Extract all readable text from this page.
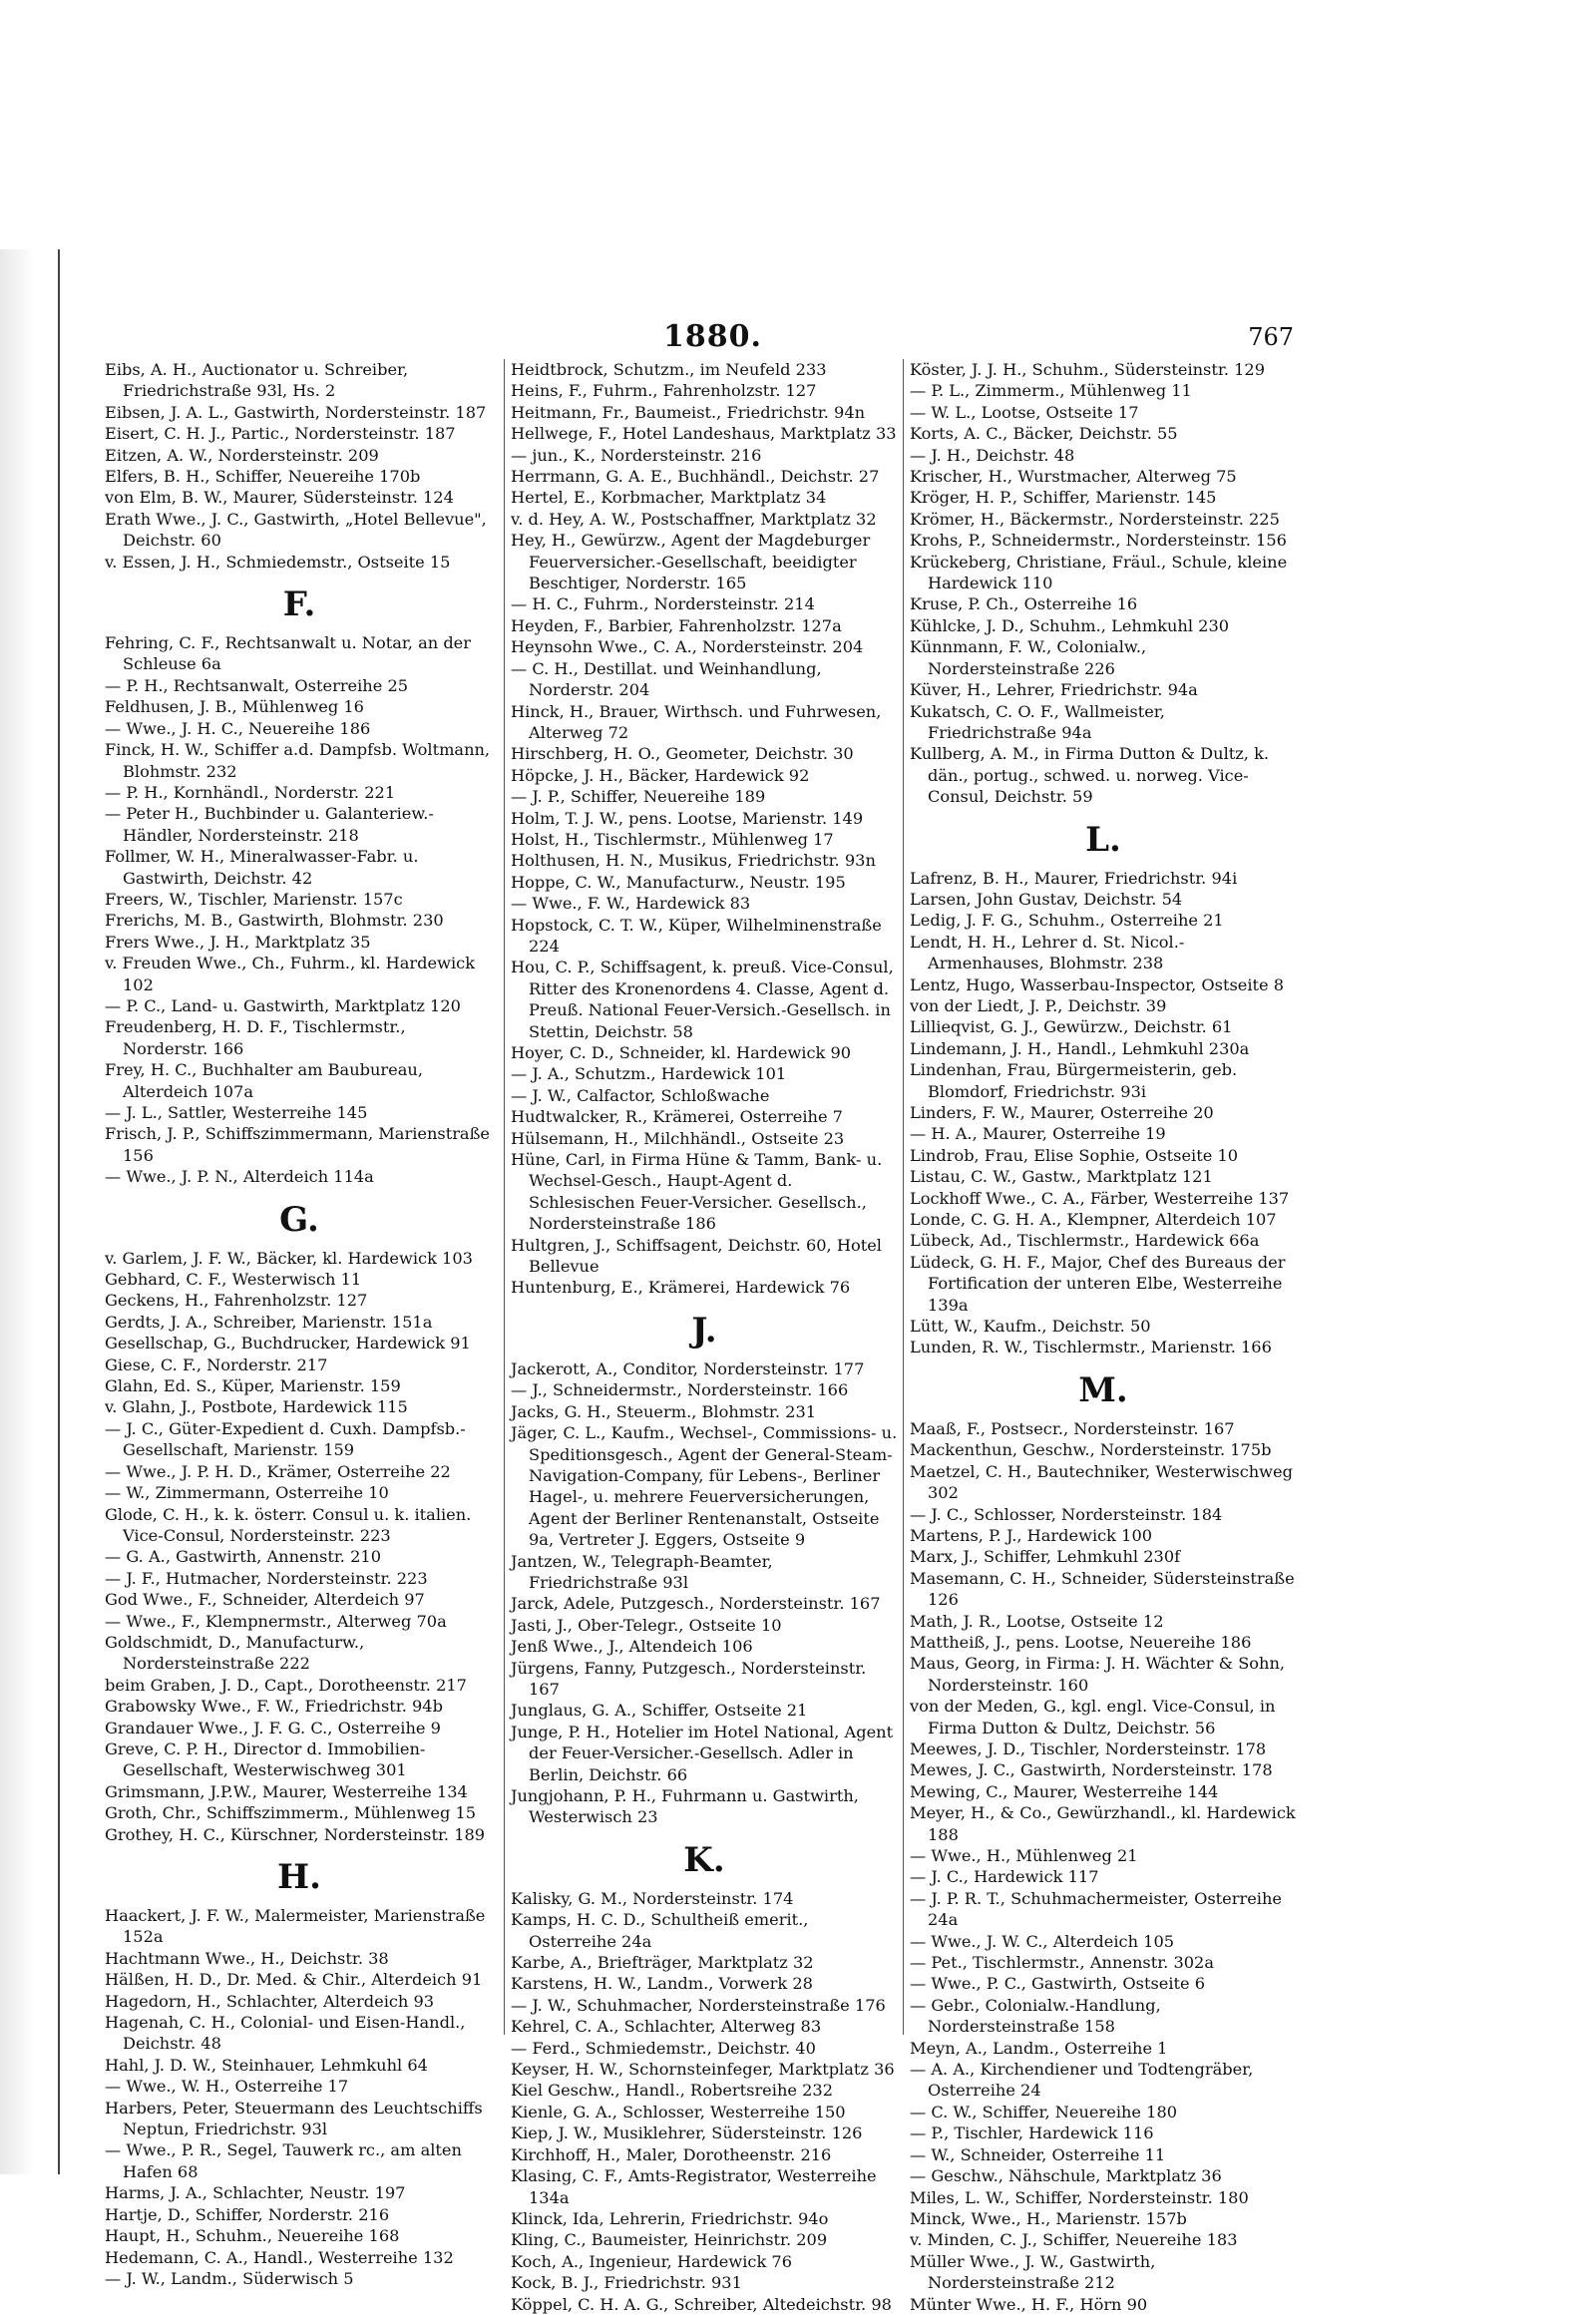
1880.	767

Eibs, A. H., Auctionator u. Schreiber, Friedrichstraße 93l, Hs. 2

Eibsen, J. A. L., Gastwirth, Nordersteinstr. 187

Eisert, C. H. J., Partic., Nordersteinstr. 187

Eitzen, A. W., Nordersteinstr. 209

Elfers, B. H., Schiffer, Neuereihe 170b

von Elm, B. W., Maurer, Südersteinstr. 124

Erath Wwe., J. C., Gastwirth, „Hotel Bellevue", Deichstr. 60

v. Essen, J. H., Schmiedemstr., Ostseite 15

F.

Fehring, C. F., Rechtsanwalt u. Notar, an der Schleuse 6a

— P. H., Rechtsanwalt, Osterreihe 25

Feldhusen, J. B., Mühlenweg 16

— Wwe., J. H. C., Neuereihe 186

Finck, H. W., Schiffer a.d. Dampfsb. Woltmann, Blohmstr. 232

— P. H., Kornhändl., Norderstr. 221

— Peter H., Buchbinder u. Galanteriew.-Händler, Nordersteinstr. 218

Follmer, W. H., Mineralwasser-Fabr. u. Gastwirth, Deichstr. 42

Freers, W., Tischler, Marienstr. 157c

Frerichs, M. B., Gastwirth, Blohmstr. 230

Frers Wwe., J. H., Marktplatz 35

v. Freuden Wwe., Ch., Fuhrm., kl. Hardewick 102

— P. C., Land- u. Gastwirth, Marktplatz 120

Freudenberg, H. D. F., Tischlermstr., Norderstr. 166

Frey, H. C., Buchhalter am Baubureau, Alterdeich 107a

— J. L., Sattler, Westerreihe 145

Frisch, J. P., Schiffszimmermann, Marienstraße 156

— Wwe., J. P. N., Alterdeich 114a

G.

v. Garlem, J. F. W., Bäcker, kl. Hardewick 103

Gebhard, C. F., Westerwisch 11

Geckens, H., Fahrenholzstr. 127

Gerdts, J. A., Schreiber, Marienstr. 151a

Gesellschap, G., Buchdrucker, Hardewick 91

Giese, C. F., Norderstr. 217

Glahn, Ed. S., Küper, Marienstr. 159

v. Glahn, J., Postbote, Hardewick 115

— J. C., Güter-Expedient d. Cuxh. Dampfsb.-Gesellschaft, Marienstr. 159

— Wwe., J. P. H. D., Krämer, Osterreihe 22

— W., Zimmermann, Osterreihe 10

Glode, C. H., k. k. österr. Consul u. k. italien. Vice-Consul, Nordersteinstr. 223

— G. A., Gastwirth, Annenstr. 210

— J. F., Hutmacher, Nordersteinstr. 223

God Wwe., F., Schneider, Alterdeich 97

— Wwe., F., Klempnermstr., Alterweg 70a

Goldschmidt, D., Manufacturw., Nordersteinstraße 222

beim Graben, J. D., Capt., Dorotheenstr. 217

Grabowsky Wwe., F. W., Friedrichstr. 94b

Grandauer Wwe., J. F. G. C., Osterreihe 9

Greve, C. P. H., Director d. Immobilien-Gesellschaft, Westerwischweg 301

Grimsmann, J.P.W., Maurer, Westerreihe 134

Groth, Chr., Schiffszimmerm., Mühlenweg 15

Grothey, H. C., Kürschner, Nordersteinstr. 189

H.

Haackert, J. F. W., Malermeister, Marienstraße 152a

Hachtmann Wwe., H., Deichstr. 38

Hälßen, H. D., Dr. Med. & Chir., Alterdeich 91

Hagedorn, H., Schlachter, Alterdeich 93

Hagenah, C. H., Colonial- und Eisen-Handl., Deichstr. 48

Hahl, J. D. W., Steinhauer, Lehmkuhl 64

— Wwe., W. H., Osterreihe 17

Harbers, Peter, Steuermann des Leuchtschiffs Neptun, Friedrichstr. 93l

— Wwe., P. R., Segel, Tauwerk rc., am alten Hafen 68

Harms, J. A., Schlachter, Neustr. 197

Hartje, D., Schiffer, Norderstr. 216

Haupt, H., Schuhm., Neuereihe 168

Hedemann, C. A., Handl., Westerreihe 132

— J. W., Landm., Süderwisch 5

Heidtbrock, Schutzm., im Neufeld 233

Heins, F., Fuhrm., Fahrenholzstr. 127

Heitmann, Fr., Baumeist., Friedrichstr. 94n

Hellwege, F., Hotel Landeshaus, Marktplatz 33

— jun., K., Nordersteinstr. 216

Herrmann, G. A. E., Buchhändl., Deichstr. 27

Hertel, E., Korbmacher, Marktplatz 34

v. d. Hey, A. W., Postschaffner, Marktplatz 32

Hey, H., Gewürzw., Agent der Magdeburger Feuerversicher.-Gesellschaft, beeidigter Beschtiger, Norderstr. 165

— H. C., Fuhrm., Nordersteinstr. 214

Heyden, F., Barbier, Fahrenholzstr. 127a

Heynsohn Wwe., C. A., Nordersteinstr. 204

— C. H., Destillat. und Weinhandlung, Norderstr. 204

Hinck, H., Brauer, Wirthsch. und Fuhrwesen, Alterweg 72

Hirschberg, H. O., Geometer, Deichstr. 30

Höpcke, J. H., Bäcker, Hardewick 92

— J. P., Schiffer, Neuereihe 189

Holm, T. J. W., pens. Lootse, Marienstr. 149

Holst, H., Tischlermstr., Mühlenweg 17

Holthusen, H. N., Musikus, Friedrichstr. 93n

Hoppe, C. W., Manufacturw., Neustr. 195

— Wwe., F. W., Hardewick 83

Hopstock, C. T. W., Küper, Wilhelminenstraße 224

Hou, C. P., Schiffsagent, k. preuß. Vice-Consul, Ritter des Kronenordens 4. Classe, Agent d. Preuß. National Feuer-Versich.-Gesellsch. in Stettin, Deichstr. 58

Hoyer, C. D., Schneider, kl. Hardewick 90

— J. A., Schutzm., Hardewick 101

— J. W., Calfactor, Schloßwache

Hudtwalcker, R., Krämerei, Osterreihe 7

Hülsemann, H., Milchhändl., Ostseite 23

Hüne, Carl, in Firma Hüne & Tamm, Bank- u. Wechsel-Gesch., Haupt-Agent d. Schlesischen Feuer-Versicher. Gesellsch., Nordersteinstraße 186

Hultgren, J., Schiffsagent, Deichstr. 60, Hotel Bellevue

Huntenburg, E., Krämerei, Hardewick 76

J.

Jackerott, A., Conditor, Nordersteinstr. 177

— J., Schneidermstr., Nordersteinstr. 166

Jacks, G. H., Steuerm., Blohmstr. 231

Jäger, C. L., Kaufm., Wechsel-, Commissions- u. Speditionsgesch., Agent der General-Steam-Navigation-Company, für Lebens-, Berliner Hagel-, u. mehrere Feuerversicherungen, Agent der Berliner Rentenanstalt, Ostseite 9a, Vertreter J. Eggers, Ostseite 9

Jantzen, W., Telegraph-Beamter, Friedrichstraße 93l

Jarck, Adele, Putzgesch., Nordersteinstr. 167

Jasti, J., Ober-Telegr., Ostseite 10

Jenß Wwe., J., Altendeich 106

Jürgens, Fanny, Putzgesch., Nordersteinstr. 167

Junglaus, G. A., Schiffer, Ostseite 21

Junge, P. H., Hotelier im Hotel National, Agent der Feuer-Versicher.-Gesellsch. Adler in Berlin, Deichstr. 66

Jungjohann, P. H., Fuhrmann u. Gastwirth, Westerwisch 23

K.

Kalisky, G. M., Nordersteinstr. 174

Kamps, H. C. D., Schultheiß emerit., Osterreihe 24a

Karbe, A., Briefträger, Marktplatz 32

Karstens, H. W., Landm., Vorwerk 28

— J. W., Schuhmacher, Nordersteinstraße 176

Kehrel, C. A., Schlachter, Alterweg 83

— Ferd., Schmiedemstr., Deichstr. 40

Keyser, H. W., Schornsteinfeger, Marktplatz 36

Kiel Geschw., Handl., Robertsreihe 232

Kienle, G. A., Schlosser, Westerreihe 150

Kiep, J. W., Musiklehrer, Südersteinstr. 126

Kirchhoff, H., Maler, Dorotheenstr. 216

Klasing, C. F., Amts-Registrator, Westerreihe 134a

Klinck, Ida, Lehrerin, Friedrichstr. 94o

Kling, C., Baumeister, Heinrichstr. 209

Koch, A., Ingenieur, Hardewick 76

Kock, B. J., Friedrichstr. 931

Köppel, C. H. A. G., Schreiber, Altedeichstr. 98

Köster, J. J. H., Schuhm., Südersteinstr. 129

— P. L., Zimmerm., Mühlenweg 11

— W. L., Lootse, Ostseite 17

Korts, A. C., Bäcker, Deichstr. 55

— J. H., Deichstr. 48

Krischer, H., Wurstmacher, Alterweg 75

Kröger, H. P., Schiffer, Marienstr. 145

Krömer, H., Bäckermstr., Nordersteinstr. 225

Krohs, P., Schneidermstr., Nordersteinstr. 156

Krückeberg, Christiane, Fräul., Schule, kleine Hardewick 110

Kruse, P. Ch., Osterreihe 16

Kühlcke, J. D., Schuhm., Lehmkuhl 230

Künnmann, F. W., Colonialw., Nordersteinstraße 226

Küver, H., Lehrer, Friedrichstr. 94a

Kukatsch, C. O. F., Wallmeister, Friedrichstraße 94a

Kullberg, A. M., in Firma Dutton & Dultz, k. dän., portug., schwed. u. norweg. Vice-Consul, Deichstr. 59

L.

Lafrenz, B. H., Maurer, Friedrichstr. 94i

Larsen, John Gustav, Deichstr. 54

Ledig, J. F. G., Schuhm., Osterreihe 21

Lendt, H. H., Lehrer d. St. Nicol.-Armenhauses, Blohmstr. 238

Lentz, Hugo, Wasserbau-Inspector, Ostseite 8

von der Liedt, J. P., Deichstr. 39

Lillieqvist, G. J., Gewürzw., Deichstr. 61

Lindemann, J. H., Handl., Lehmkuhl 230a

Lindenhan, Frau, Bürgermeisterin, geb. Blomdorf, Friedrichstr. 93i

Linders, F. W., Maurer, Osterreihe 20

— H. A., Maurer, Osterreihe 19

Lindrob, Frau, Elise Sophie, Ostseite 10

Listau, C. W., Gastw., Marktplatz 121

Lockhoff Wwe., C. A., Färber, Westerreihe 137

Londe, C. G. H. A., Klempner, Alterdeich 107

Lübeck, Ad., Tischlermstr., Hardewick 66a

Lüdeck, G. H. F., Major, Chef des Bureaus der Fortification der unteren Elbe, Westerreihe 139a

Lütt, W., Kaufm., Deichstr. 50

Lunden, R. W., Tischlermstr., Marienstr. 166

M.

Maaß, F., Postsecr., Nordersteinstr. 167

Mackenthun, Geschw., Nordersteinstr. 175b

Maetzel, C. H., Bautechniker, Westerwischweg 302

— J. C., Schlosser, Nordersteinstr. 184

Martens, P. J., Hardewick 100

Marx, J., Schiffer, Lehmkuhl 230f

Masemann, C. H., Schneider, Südersteinstraße 126

Math, J. R., Lootse, Ostseite 12

Mattheiß, J., pens. Lootse, Neuereihe 186

Maus, Georg, in Firma: J. H. Wächter & Sohn, Nordersteinstr. 160

von der Meden, G., kgl. engl. Vice-Consul, in Firma Dutton & Dultz, Deichstr. 56

Meewes, J. D., Tischler, Nordersteinstr. 178

Mewes, J. C., Gastwirth, Nordersteinstr. 178

Mewing, C., Maurer, Westerreihe 144

Meyer, H., & Co., Gewürzhandl., kl. Hardewick 188

— Wwe., H., Mühlenweg 21

— J. C., Hardewick 117

— J. P. R. T., Schuhmachermeister, Osterreihe 24a

— Wwe., J. W. C., Alterdeich 105

— Pet., Tischlermstr., Annenstr. 302a

— Wwe., P. C., Gastwirth, Ostseite 6

— Gebr., Colonialw.-Handlung, Nordersteinstraße 158

Meyn, A., Landm., Osterreihe 1

— A. A., Kirchendiener und Todtengräber, Osterreihe 24

— C. W., Schiffer, Neuereihe 180

— P., Tischler, Hardewick 116

— W., Schneider, Osterreihe 11

— Geschw., Nähschule, Marktplatz 36

Miles, L. W., Schiffer, Nordersteinstr. 180

Minck, Wwe., H., Marienstr. 157b

v. Minden, C. J., Schiffer, Neuereihe 183

Müller Wwe., J. W., Gastwirth, Nordersteinstraße 212

Münter Wwe., H. F., Hörn 90
